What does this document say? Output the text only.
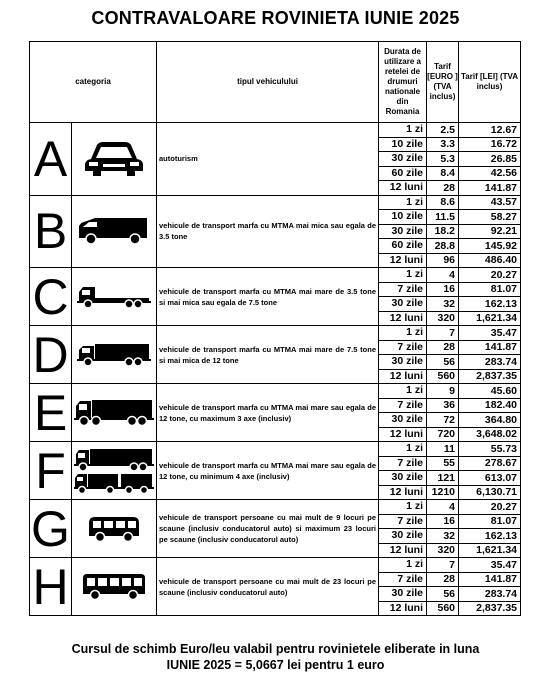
CONTRAVALOARE ROVINIETA IUNIE 2025
categoria		tipul vehiculului	Durata de utilizare a retelei de drumuri nationale din Romania	Tarif [EURO ] (TVA inclus)	Tarif [LEI] (TVA inclus)
A		autoturism	1 zi	2.5	12.67
			10 zile	3.3	16.72
			30 zile	5.3	26.85
			60 zile	8.4	42.56
			12 luni	28	141.87
B		vehicule de transport marfa cu MTMA mai mica sau egala de 3.5 tone	1 zi	8.6	43.57
			10 zile	11.5	58.27
			30 zile	18.2	92.21
			60 zile	28.8	145.92
			12 luni	96	486.40
C		vehicule de transport marfa cu MTMA mai mare de 3.5 tone si mai mica sau egala de 7.5 tone	1 zi	4	20.27
			7 zile	16	81.07
			30 zile	32	162.13
			12 luni	320	1,621.34
D		vehicule de transport marfa cu MTMA mai mare de 7.5 tone si mai mica de 12 tone	1 zi	7	35.47
			7 zile	28	141.87
			30 zile	56	283.74
			12 luni	560	2,837.35
E		vehicule de transport marfa cu MTMA mai mare sau egala de 12 tone, cu maximum 3 axe (inclusiv)	1 zi	9	45.60
			7 zile	36	182.40
			30 zile	72	364.80
			12 luni	720	3,648.02
F		vehicule de transport marfa cu MTMA mai mare sau egala de 12 tone, cu minimum 4 axe (inclusiv)	1 zi	11	55.73
			7 zile	55	278.67
			30 zile	121	613.07
			12 luni	1210	6,130.71
G		vehicule de transport persoane cu mai mult de 9 locuri pe scaune (inclusiv conducatorul auto) si maximum 23 locuri pe scaune (inclusiv conducatorul auto)	1 zi	4	20.27
			7 zile	16	81.07
			30 zile	32	162.13
			12 luni	320	1,621.34
H		vehicule de transport persoane cu mai mult de 23 locuri pe scaune (inclusiv conducatorul auto)	1 zi	7	35.47
			7 zile	28	141.87
			30 zile	56	283.74
			12 luni	560	2,837.35
Cursul de schimb Euro/leu valabil pentru rovinietele eliberate in luna
IUNIE 2025 = 5,0667 lei pentru 1 euro
